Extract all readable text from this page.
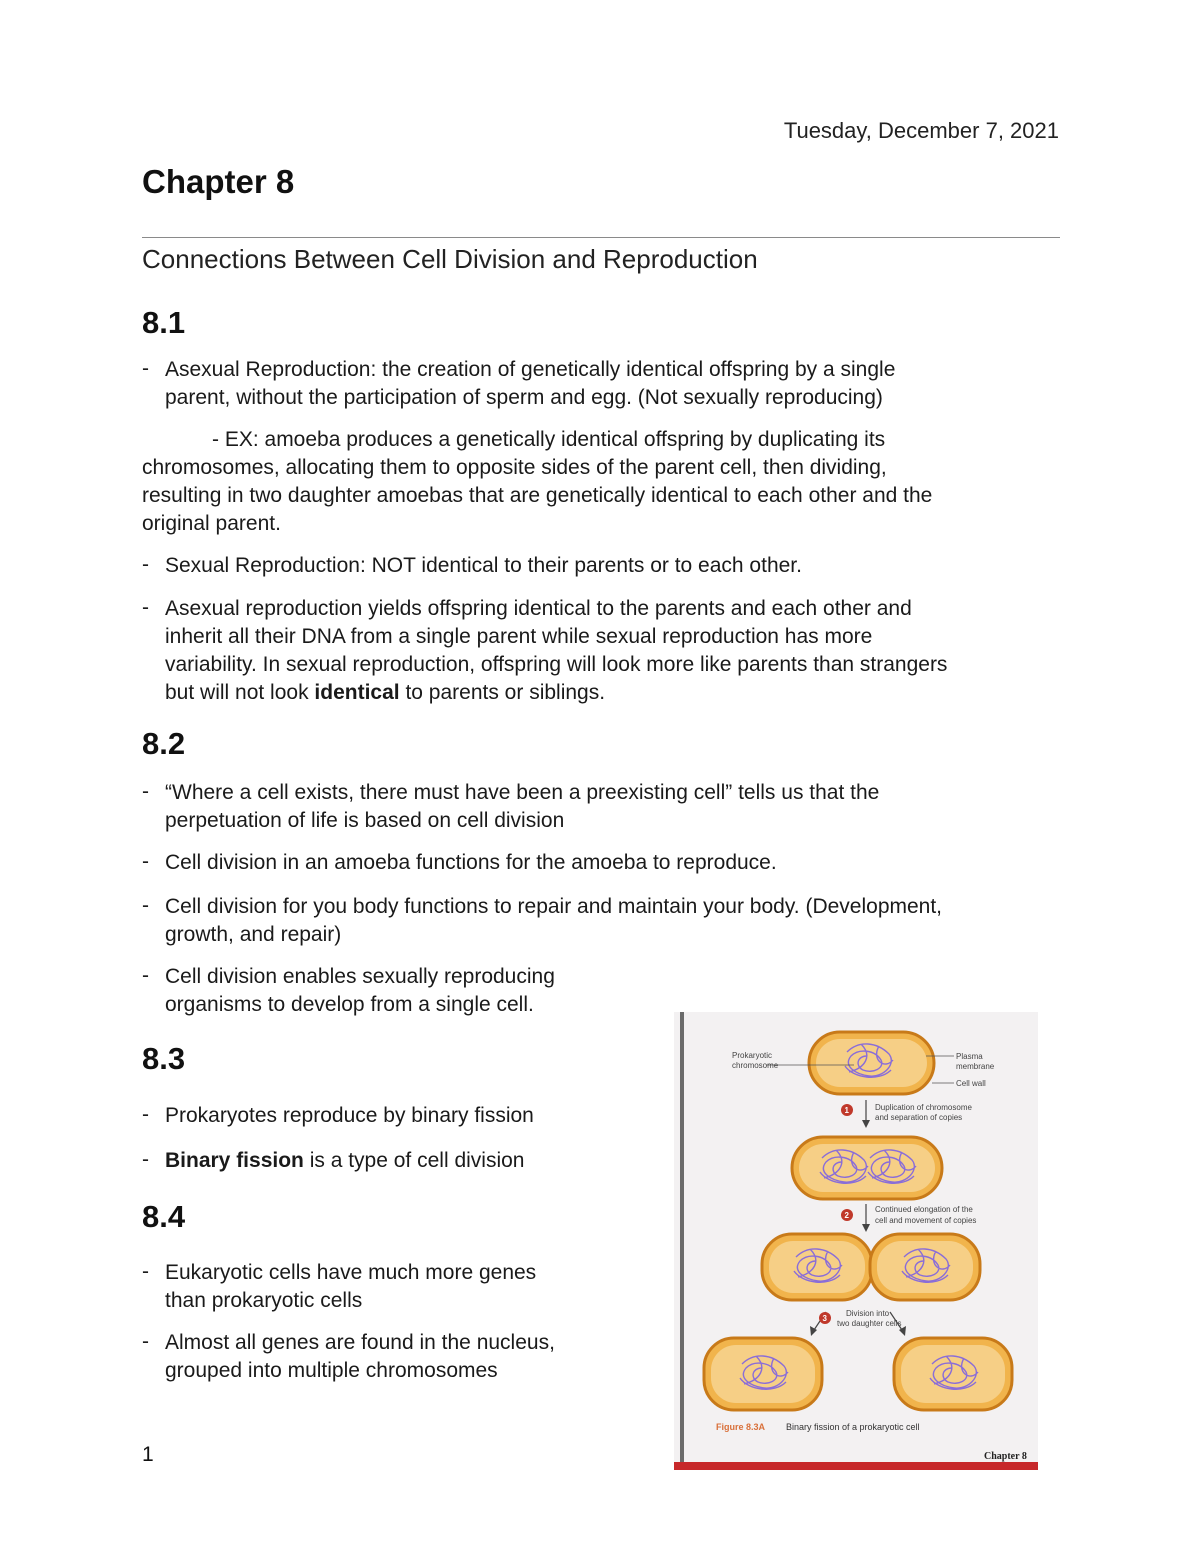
Tuesday, December 7, 2021
Chapter 8
Connections Between Cell Division and Reproduction
8.1
- Asexual Reproduction: the creation of genetically identical offspring by a single
parent, without the participation of sperm and egg. (Not sexually reproducing)
- EX: amoeba produces a genetically identical offspring by duplicating its
chromosomes, allocating them to opposite sides of the parent cell, then dividing,
resulting in two daughter amoebas that are genetically identical to each other and the
original parent.
- Sexual Reproduction: NOT identical to their parents or to each other.
- Asexual reproduction yields offspring identical to the parents and each other and
inherit all their DNA from a single parent while sexual reproduction has more
variability. In sexual reproduction, offspring will look more like parents than strangers
but will not look identical to parents or siblings.
8.2
- “Where a cell exists, there must have been a preexisting cell” tells us that the
perpetuation of life is based on cell division
- Cell division in an amoeba functions for the amoeba to reproduce.
- Cell division for you body functions to repair and maintain your body. (Development,
growth, and repair)
- Cell division enables sexually reproducing
organisms to develop from a single cell.
8.3
- Prokaryotes reproduce by binary fission
- Binary fission is a type of cell division
8.4
- Eukaryotic cells have much more genes
than prokaryotic cells
- Almost all genes are found in the nucleus,
grouped into multiple chromosomes
1
Prokaryotic
chromosome
Plasma
membrane
Cell wall
1	Duplication of chromosome
and separation of copies
2
Continued elongation of the
cell and movement of copies
3
Division into
two daughter cells
Figure 8.3A Binary fission of a prokaryotic cell
Chapter 8
